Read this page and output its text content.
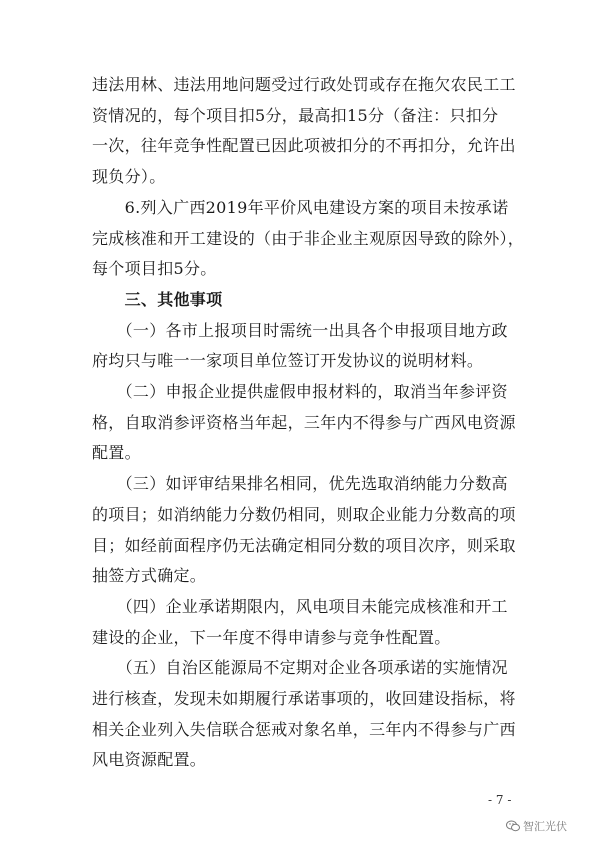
违法用林、违法用地问题受过行政处罚或存在拖欠农民工工
资情况的，每个项目扣5分，最高扣15分（备注：只扣分
一次，往年竞争性配置已因此项被扣分的不再扣分，允许出
现负分）。
　　6.列入广西2019年平价风电建设方案的项目未按承诺
完成核准和开工建设的（由于非企业主观原因导致的除外），
每个项目扣5分。
　　三、其他事项
　　（一）各市上报项目时需统一出具各个申报项目地方政
府均只与唯一一家项目单位签订开发协议的说明材料。
　　（二）申报企业提供虚假申报材料的，取消当年参评资
格，自取消参评资格当年起，三年内不得参与广西风电资源
配置。
　　（三）如评审结果排名相同，优先选取消纳能力分数高
的项目；如消纳能力分数仍相同，则取企业能力分数高的项
目；如经前面程序仍无法确定相同分数的项目次序，则采取
抽签方式确定。
　　（四）企业承诺期限内，风电项目未能完成核准和开工
建设的企业，下一年度不得申请参与竞争性配置。
　　（五）自治区能源局不定期对企业各项承诺的实施情况
进行核查，发现未如期履行承诺事项的，收回建设指标，将
相关企业列入失信联合惩戒对象名单，三年内不得参与广西
风电资源配置。
- 7 -
智汇光伏
